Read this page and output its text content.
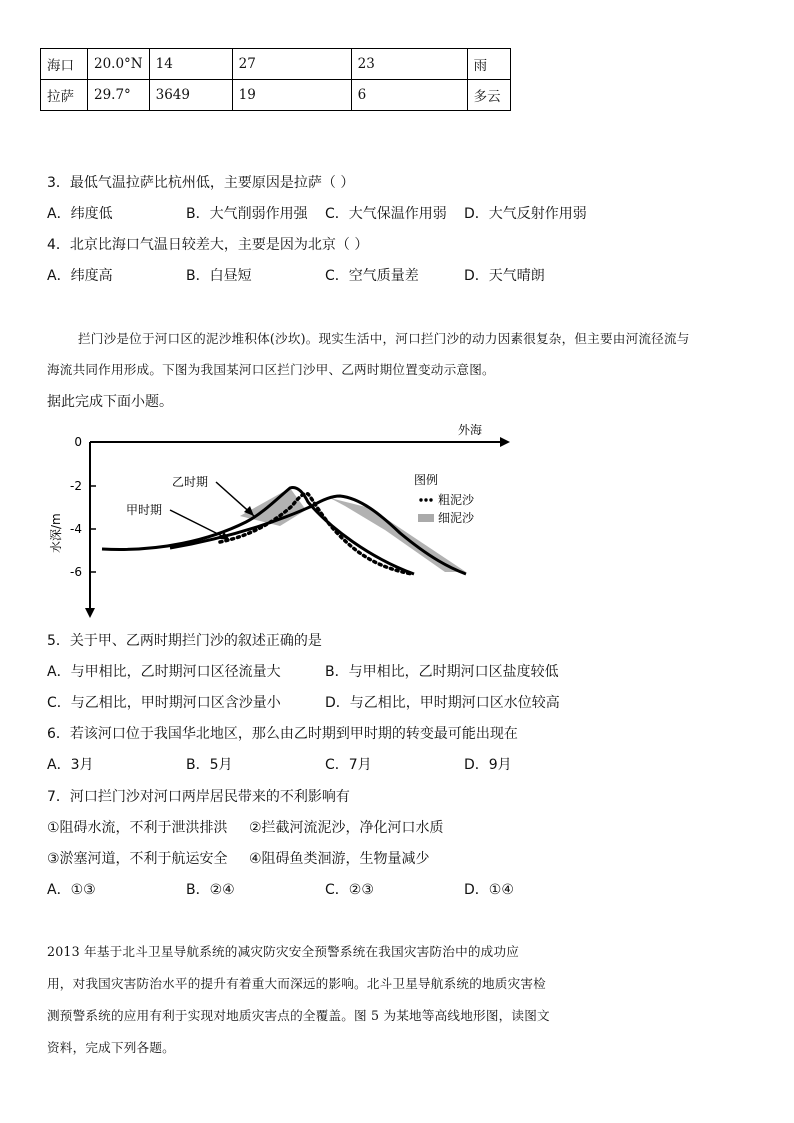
海口	20.0°N	14	27	23	雨
拉萨	29.7°	3649	19	6	多云
3．最低气温拉萨比杭州低，主要原因是拉萨（ ）
A．纬度低	B．大气削弱作用强 C．大气保温作用弱 D．大气反射作用弱
4．北京比海口气温日较差大，主要是因为北京（ ）
A．纬度高	B．白昼短	C．空气质量差	D．天气晴朗
拦门沙是位于河口区的泥沙堆积体(沙坎)。现实生活中，河口拦门沙的动力因素很复杂，但主要由河流径流与
海流共同作用形成。下图为我国某河口区拦门沙甲、乙两时期位置变动示意图。
据此完成下面小题。
0
-2
-4
-6
水深/m
外海
乙时期
甲时期
图例
粗泥沙
细泥沙
5．关于甲、乙两时期拦门沙的叙述正确的是
A．与甲相比，乙时期河口区径流量大	B．与甲相比，乙时期河口区盐度较低
C．与乙相比，甲时期河口区含沙量小	D．与乙相比，甲时期河口区水位较高
6．若该河口位于我国华北地区，那么由乙时期到甲时期的转变最可能出现在
A．3月	B．5月	C．7月	D．9月
7．河口拦门沙对河口两岸居民带来的不利影响有
①阻碍水流，不利于泄洪排洪 ②拦截河流泥沙，净化河口水质
③淤塞河道，不利于航运安全 ④阻碍鱼类洄游，生物量减少
A．①③	B．②④	C．②③	D．①④
2013 年基于北斗卫星导航系统的减灾防灾安全预警系统在我国灾害防治中的成功应
用，对我国灾害防治水平的提升有着重大而深远的影响。北斗卫星导航系统的地质灾害检
测预警系统的应用有利于实现对地质灾害点的全覆盖。图 5 为某地等高线地形图，读图文
资料，完成下列各题。
